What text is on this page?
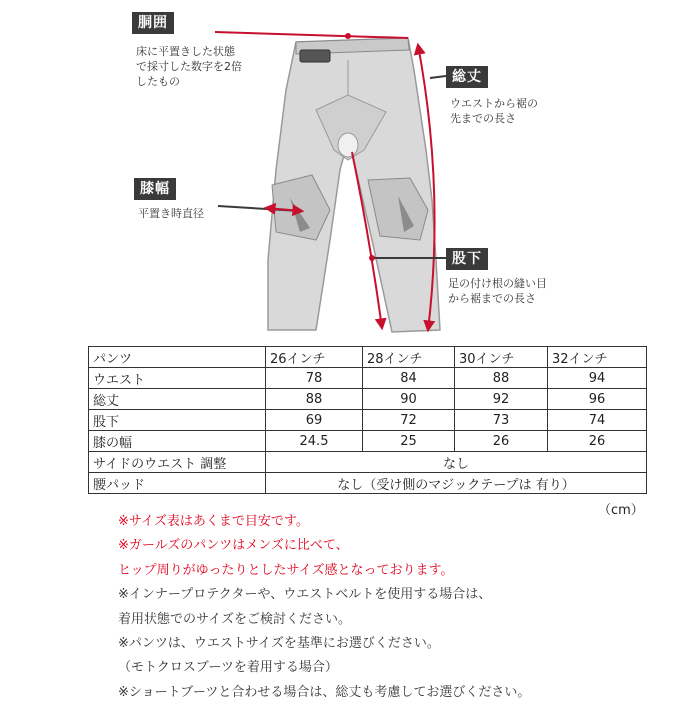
胴囲
床に平置きした状態
で採寸した数字を2倍
したもの	総丈
ウエストから裾の
先までの長さ
膝幅
平置き時直径
股下
足の付け根の縫い目
から裾までの長さ
パンツ	26インチ	28インチ	30インチ	32インチ
ウエスト	78	84	88	94
総丈	88	90	92	96
股下	69	72	73	74
膝の幅	24.5	25	26	26
サイドのウエスト 調整	なし			
腰パッド	なし（受け側のマジックテープは 有り）			
（cm）
※サイズ表はあくまで目安です。
※ガールズのパンツはメンズに比べて、
ヒップ周りがゆったりとしたサイズ感となっております。
※インナープロテクターや、ウエストベルトを使用する場合は、
着用状態でのサイズをご検討ください。
※パンツは、ウエストサイズを基準にお選びください。
（モトクロスブーツを着用する場合）
※ショートブーツと合わせる場合は、総丈も考慮してお選びください。
